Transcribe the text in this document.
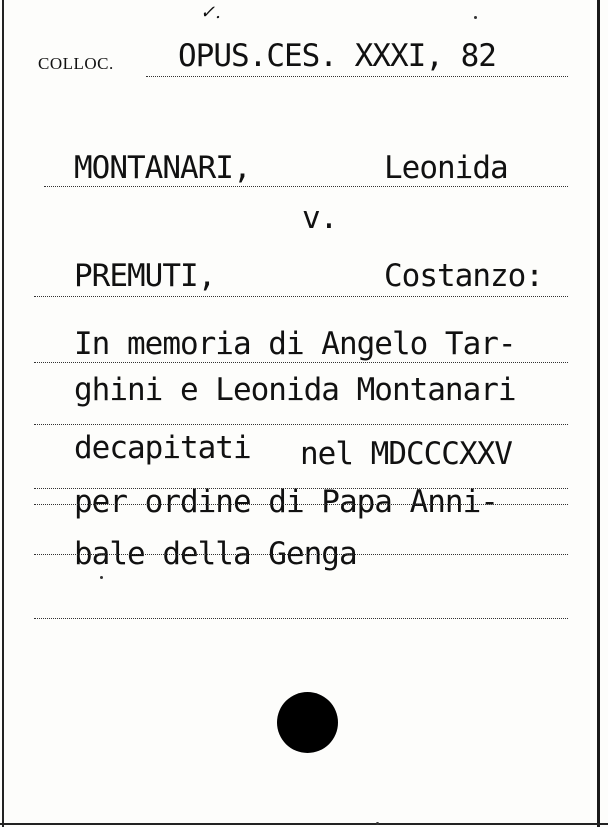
✓.
COLLOC. OPUS.CES. XXXI, 82
MONTANARI,	Leonida
v.
PREMUTI,	Costanzo:
In memoria di Angelo Tar-
ghini e Leonida Montanari
decapitati nel MDCCCXXV
per ordine di Papa Anni-
bale della Genga
